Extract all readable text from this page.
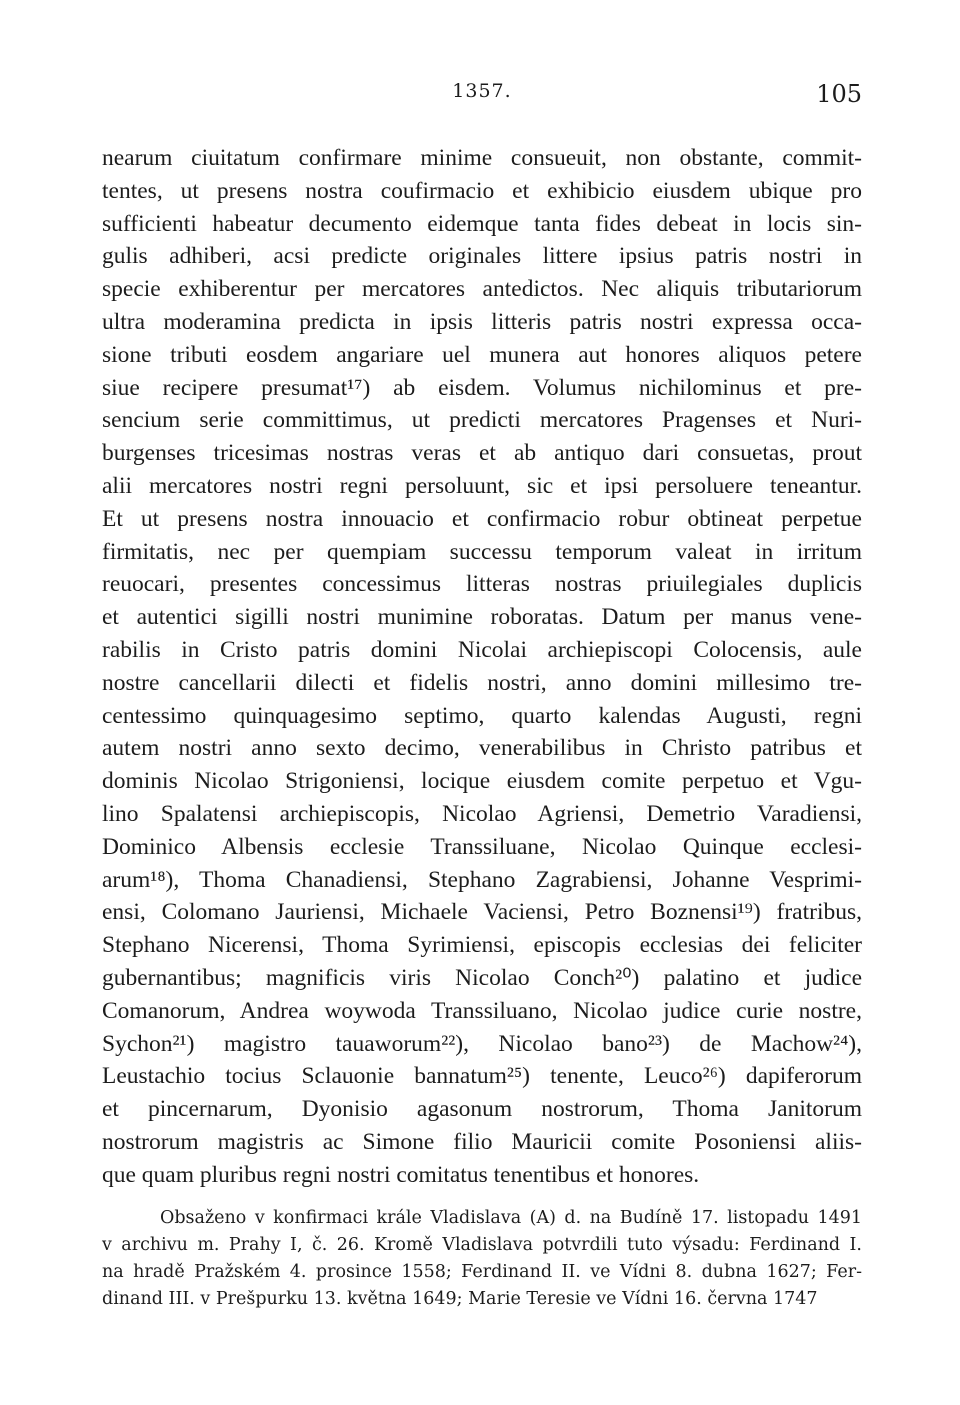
1357.	105
nearum ciuitatum confirmare minime consueuit, non obstante, commit-
tentes, ut presens nostra coufirmacio et exhibicio eiusdem ubique pro
sufficienti habeatur decumento eidemque tanta fides debeat in locis sin-
gulis adhiberi, acsi predicte originales littere ipsius patris nostri in
specie exhiberentur per mercatores antedictos. Nec aliquis tributariorum
ultra moderamina predicta in ipsis litteris patris nostri expressa occa-
sione tributi eosdem angariare uel munera aut honores aliquos petere
siue recipere presumat¹⁷) ab eisdem. Volumus nichilominus et pre-
sencium serie committimus, ut predicti mercatores Pragenses et Nuri-
burgenses tricesimas nostras veras et ab antiquo dari consuetas, prout
alii mercatores nostri regni persoluunt, sic et ipsi persoluere teneantur.
Et ut presens nostra innouacio et confirmacio robur obtineat perpetue
firmitatis, nec per quempiam successu temporum valeat in irritum
reuocari, presentes concessimus litteras nostras priuilegiales duplicis
et autentici sigilli nostri munimine roboratas. Datum per manus vene-
rabilis in Cristo patris domini Nicolai archiepiscopi Colocensis, aule
nostre cancellarii dilecti et fidelis nostri, anno domini millesimo tre-
centessimo quinquagesimo septimo, quarto kalendas Augusti, regni
autem nostri anno sexto decimo, venerabilibus in Christo patribus et
dominis Nicolao Strigoniensi, locique eiusdem comite perpetuo et Vgu-
lino Spalatensi archiepiscopis, Nicolao Agriensi, Demetrio Varadiensi,
Dominico Albensis ecclesie Transsiluane, Nicolao Quinque ecclesi-
arum¹⁸), Thoma Chanadiensi, Stephano Zagrabiensi, Johanne Vesprimi-
ensi, Colomano Jauriensi, Michaele Vaciensi, Petro Boznensi¹⁹) fratribus,
Stephano Nicerensi, Thoma Syrimiensi, episcopis ecclesias dei feliciter
gubernantibus; magnificis viris Nicolao Conch²⁰) palatino et judice
Comanorum, Andrea woywoda Transsiluano, Nicolao judice curie nostre,
Sychon²¹) magistro tauaworum²²), Nicolao bano²³) de Machow²⁴),
Leustachio tocius Sclauonie bannatum²⁵) tenente, Leuco²⁶) dapiferorum
et pincernarum, Dyonisio agasonum nostrorum, Thoma Janitorum
nostrorum magistris ac Simone filio Mauricii comite Posoniensi aliis-
que quam pluribus regni nostri comitatus tenentibus et honores.
Obsaženo v konfirmaci krále Vladislava (A) d. na Budíně 17. listopadu 1491
v archivu m. Prahy I, č. 26. Kromě Vladislava potvrdili tuto výsadu: Ferdinand I.
na hradě Pražském 4. prosince 1558; Ferdinand II. ve Vídni 8. dubna 1627; Fer-
dinand III. v Prešpurku 13. května 1649; Marie Teresie ve Vídni 16. června 1747
